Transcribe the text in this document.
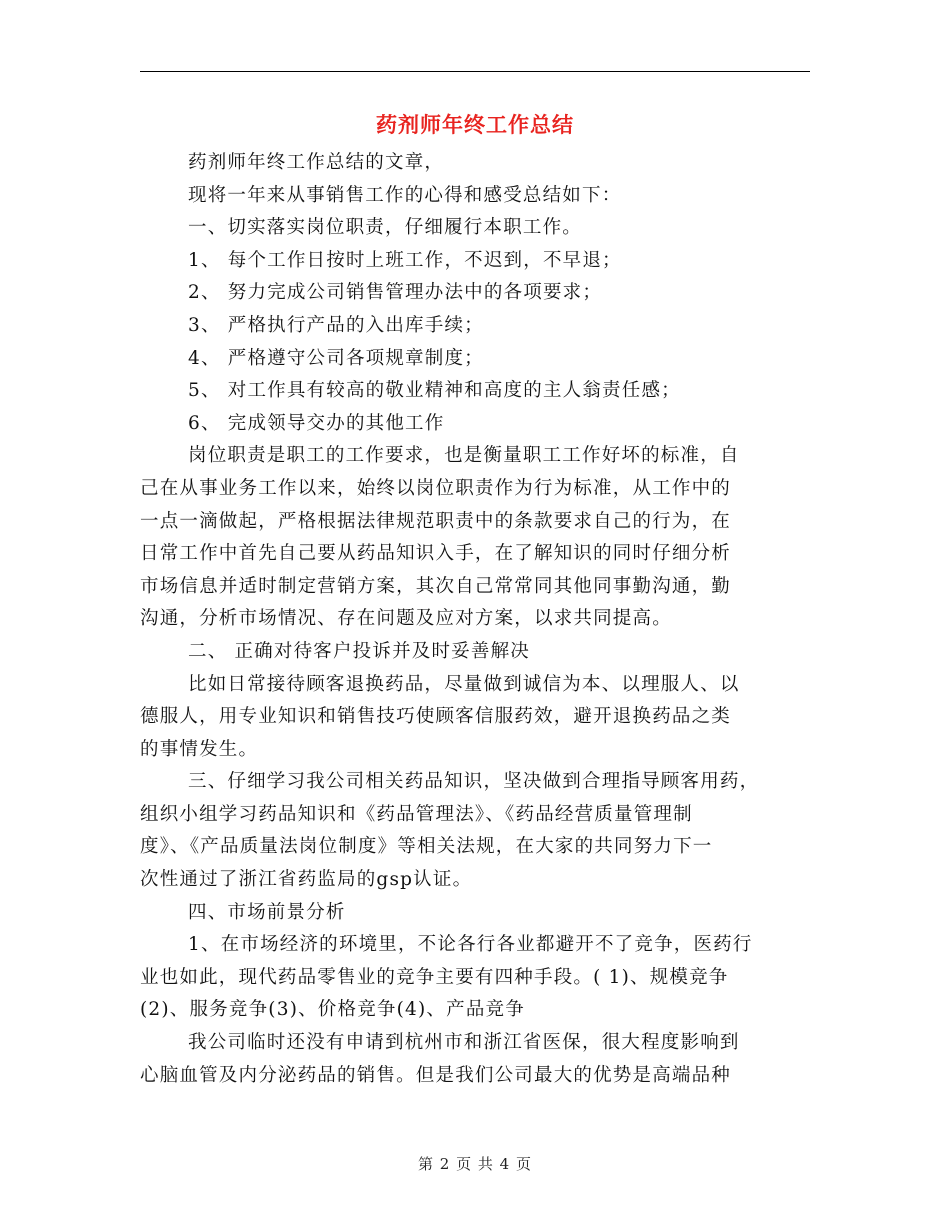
药剂师年终工作总结

药剂师年终工作总结的文章，

现将一年来从事销售工作的心得和感受总结如下：

一、切实落实岗位职责，仔细履行本职工作。

1、 每个工作日按时上班工作，不迟到，不早退；

2、 努力完成公司销售管理办法中的各项要求；

3、 严格执行产品的入出库手续；

4、 严格遵守公司各项规章制度；

5、 对工作具有较高的敬业精神和高度的主人翁责任感；

6、 完成领导交办的其他工作

岗位职责是职工的工作要求，也是衡量职工工作好坏的标准，自

己在从事业务工作以来，始终以岗位职责作为行为标准，从工作中的

一点一滴做起，严格根据法律规范职责中的条款要求自己的行为，在

日常工作中首先自己要从药品知识入手，在了解知识的同时仔细分析

市场信息并适时制定营销方案，其次自己常常同其他同事勤沟通，勤

沟通，分析市场情况、存在问题及应对方案，以求共同提高。

二、 正确对待客户投诉并及时妥善解决

比如日常接待顾客退换药品，尽量做到诚信为本、以理服人、以

德服人，用专业知识和销售技巧使顾客信服药效，避开退换药品之类

的事情发生。

三、仔细学习我公司相关药品知识，坚决做到合理指导顾客用药，

组织小组学习药品知识和《药品管理法》、《药品经营质量管理制

度》、《产品质量法岗位制度》等相关法规，在大家的共同努力下一

次性通过了浙江省药监局的gsp认证。

四、市场前景分析

1、在市场经济的环境里，不论各行各业都避开不了竞争，医药行

业也如此，现代药品零售业的竞争主要有四种手段。( 1)、规模竞争

(2)、服务竞争(3)、价格竞争(4)、产品竞争

我公司临时还没有申请到杭州市和浙江省医保，很大程度影响到

心脑血管及内分泌药品的销售。但是我们公司最大的优势是高端品种

第 2 页 共 4 页
